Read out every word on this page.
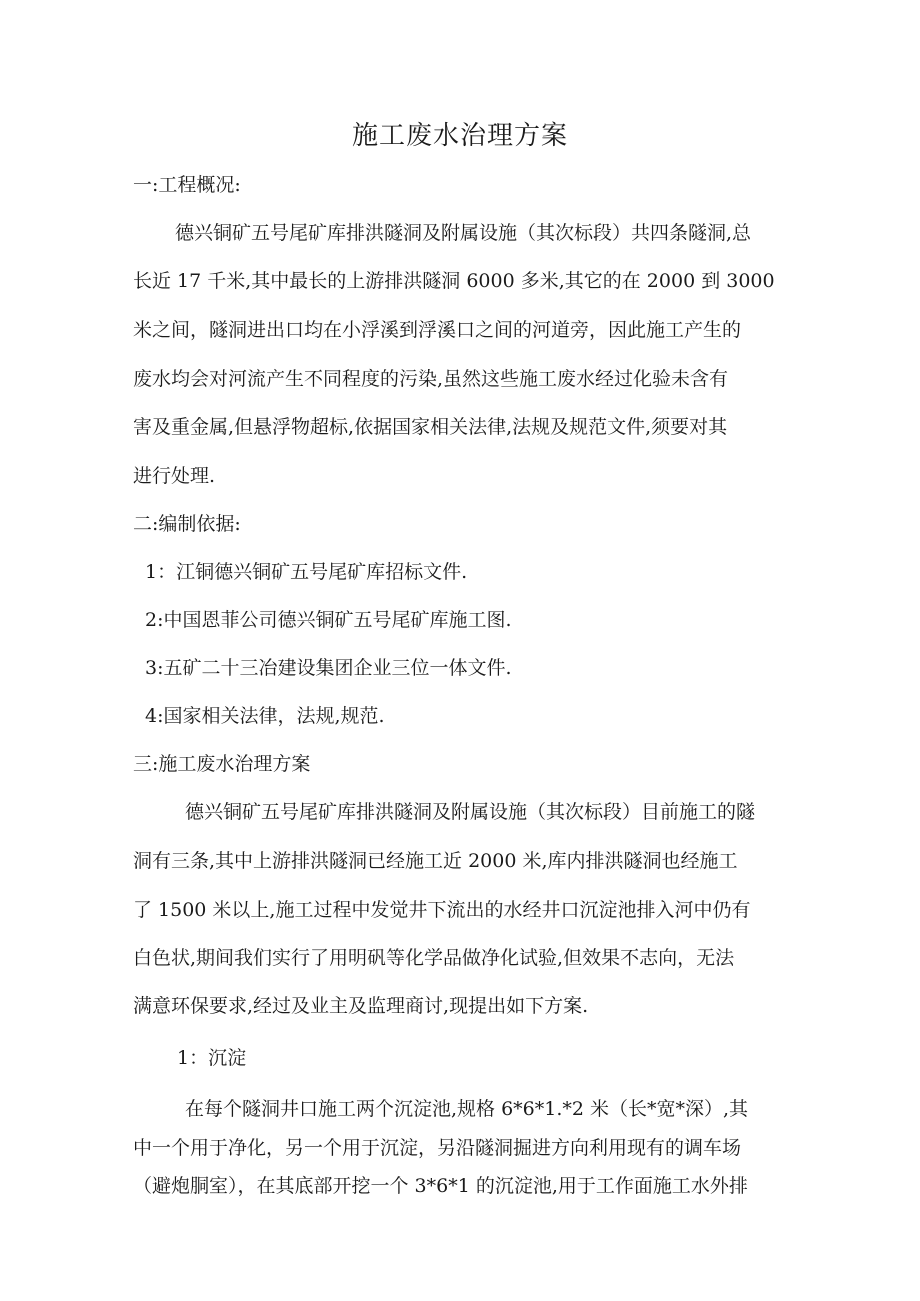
施工废水治理方案
一:工程概况:
德兴铜矿五号尾矿库排洪隧洞及附属设施（其次标段）共四条隧洞,总
长近 17 千米,其中最长的上游排洪隧洞 6000 多米,其它的在 2000 到 3000
米之间，隧洞进出口均在小浮溪到浮溪口之间的河道旁，因此施工产生的
废水均会对河流产生不同程度的污染,虽然这些施工废水经过化验未含有
害及重金属,但悬浮物超标,依据国家相关法律,法规及规范文件,须要对其
进行处理.
二:编制依据:
1：江铜德兴铜矿五号尾矿库招标文件.
2:中国恩菲公司德兴铜矿五号尾矿库施工图.
3:五矿二十三冶建设集团企业三位一体文件.
4:国家相关法律，法规,规范.
三:施工废水治理方案
德兴铜矿五号尾矿库排洪隧洞及附属设施（其次标段）目前施工的隧
洞有三条,其中上游排洪隧洞已经施工近 2000 米,库内排洪隧洞也经施工
了 1500 米以上,施工过程中发觉井下流出的水经井口沉淀池排入河中仍有
白色状,期间我们实行了用明矾等化学品做净化试验,但效果不志向，无法
满意环保要求,经过及业主及监理商讨,现提出如下方案.
1：沉淀
在每个隧洞井口施工两个沉淀池,规格 6*6*1.*2 米（长*宽*深）,其
中一个用于净化，另一个用于沉淀，另沿隧洞掘进方向利用现有的调车场
（避炮胴室），在其底部开挖一个 3*6*1 的沉淀池,用于工作面施工水外排
